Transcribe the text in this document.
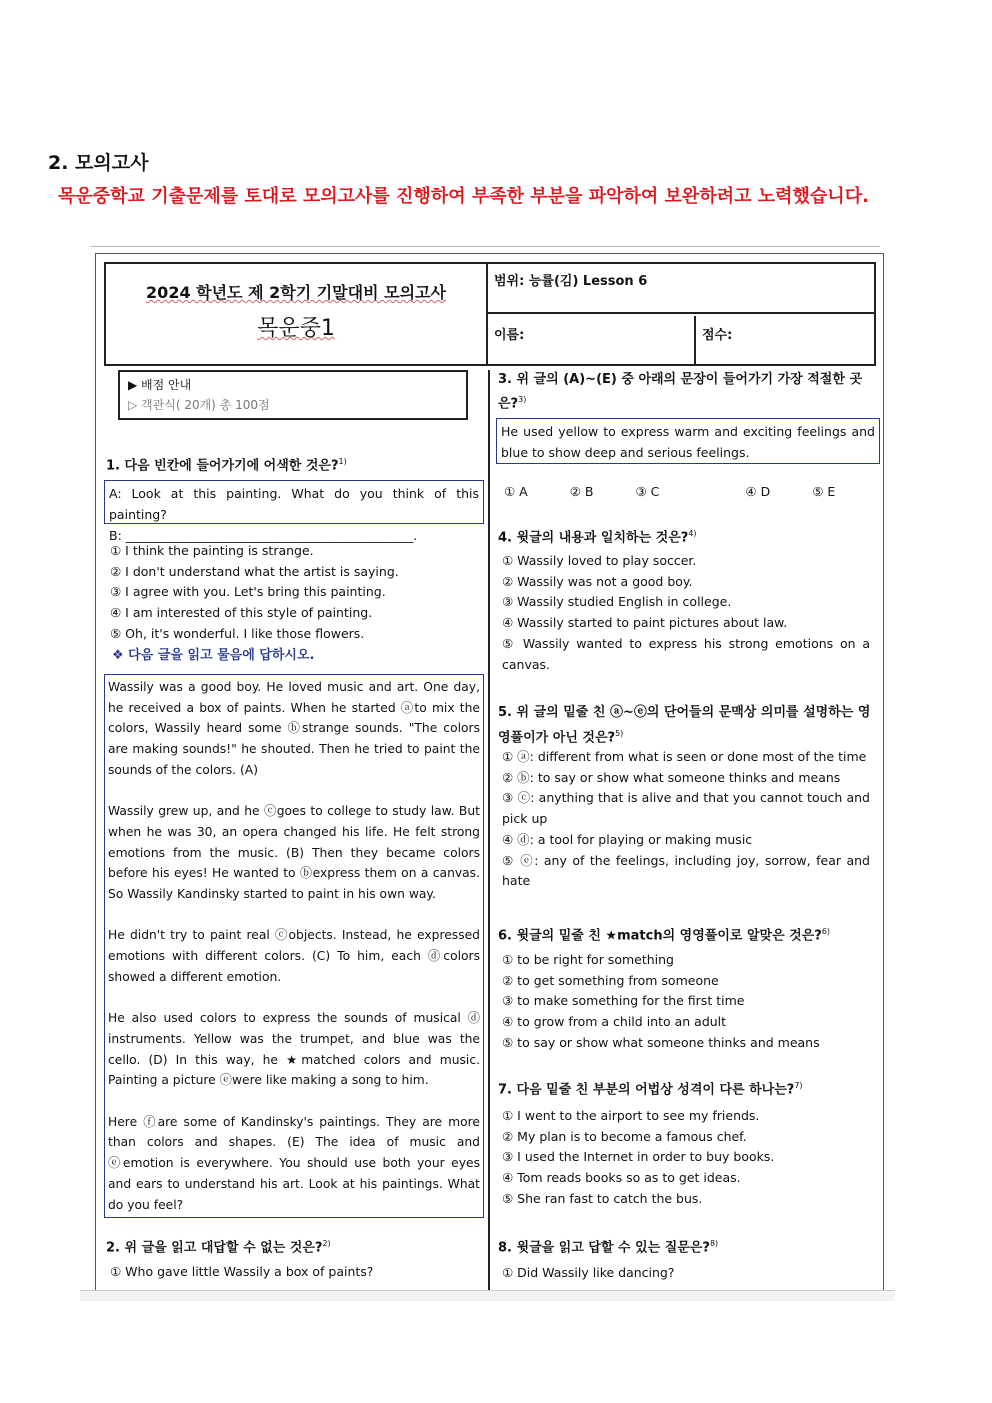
2. 모의고사
목운중학교 기출문제를 토대로 모의고사를 진행하여 부족한 부분을 파악하여 보완하려고 노력했습니다.
2024 학년도 제 2학기 기말대비 모의고사
목운중1
범위: 능률(김) Lesson 6
이름:	점수:
▶ 배점 안내
▷ 객관식( 20개) 총 100점
1. 다음 빈칸에 들어가기에 어색한 것은?$^{1)}$
A: Look at this painting. What do you think of this painting?
B: ______________________________________________.
① I think the painting is strange.
② I don't understand what the artist is saying.
③ I agree with you. Let's bring this painting.
④ I am interested of this style of painting.
⑤ Oh, it's wonderful. I like those flowers.
❖ 다음 글을 읽고 물음에 답하시오.

Wassily was a good boy. He loved music and art. One day, he received a box of paints. When he started ⓐto mix the colors, Wassily heard some ⓑstrange sounds. "The colors are making sounds!" he shouted. Then he tried to paint the sounds of the colors. (A)

Wassily grew up, and he ⓒgoes to college to study law. But when he was 30, an opera changed his life. He felt strong emotions from the music. (B) Then they became colors before his eyes! He wanted to ⓑexpress them on a canvas. So Wassily Kandinsky started to paint in his own way.

He didn't try to paint real ⓒobjects. Instead, he expressed emotions with different colors. (C) To him, each ⓓcolors showed a different emotion.

He also used colors to express the sounds of musical ⓓ instruments. Yellow was the trumpet, and blue was the cello. (D) In this way, he ★matched colors and music. Painting a picture ⓔwere like making a song to him.

Here ⓕare some of Kandinsky's paintings. They are more than colors and shapes. (E) The idea of music and ⓔemotion is everywhere. You should use both your eyes and ears to understand his art. Look at his paintings. What do you feel?

2. 위 글을 읽고 대답할 수 없는 것은?$^{2)}$
① Who gave little Wassily a box of paints?
3. 위 글의 (A)~(E) 중 아래의 문장이 들어가기 가장 적절한 곳은?$^{3)}$
He used yellow to express warm and exciting feelings and blue to show deep and serious feelings.
① A	② B	③ C	④ D	⑤ E
4. 윗글의 내용과 일치하는 것은?$^{4)}$
① Wassily loved to play soccer.
② Wassily was not a good boy.
③ Wassily studied English in college.
④ Wassily started to paint pictures about law.
⑤ Wassily wanted to express his strong emotions on a canvas.
5. 위 글의 밑줄 친 ⓐ~ⓔ의 단어들의 문맥상 의미를 설명하는 영영풀이가 아닌 것은?$^{5)}$
① ⓐ: different from what is seen or done most of the time
② ⓑ: to say or show what someone thinks and means
③ ⓒ: anything that is alive and that you cannot touch and pick up
④ ⓓ: a tool for playing or making music
⑤ ⓔ: any of the feelings, including joy, sorrow, fear and hate
6. 윗글의 밑줄 친 ★match의 영영풀이로 알맞은 것은?$^{6)}$
① to be right for something
② to get something from someone
③ to make something for the first time
④ to grow from a child into an adult
⑤ to say or show what someone thinks and means
7. 다음 밑줄 친 부분의 어법상 성격이 다른 하나는?$^{7)}$
① I went to the airport to see my friends.
② My plan is to become a famous chef.
③ I used the Internet in order to buy books.
④ Tom reads books so as to get ideas.
⑤ She ran fast to catch the bus.
8. 윗글을 읽고 답할 수 있는 질문은?$^{8)}$
① Did Wassily like dancing?
